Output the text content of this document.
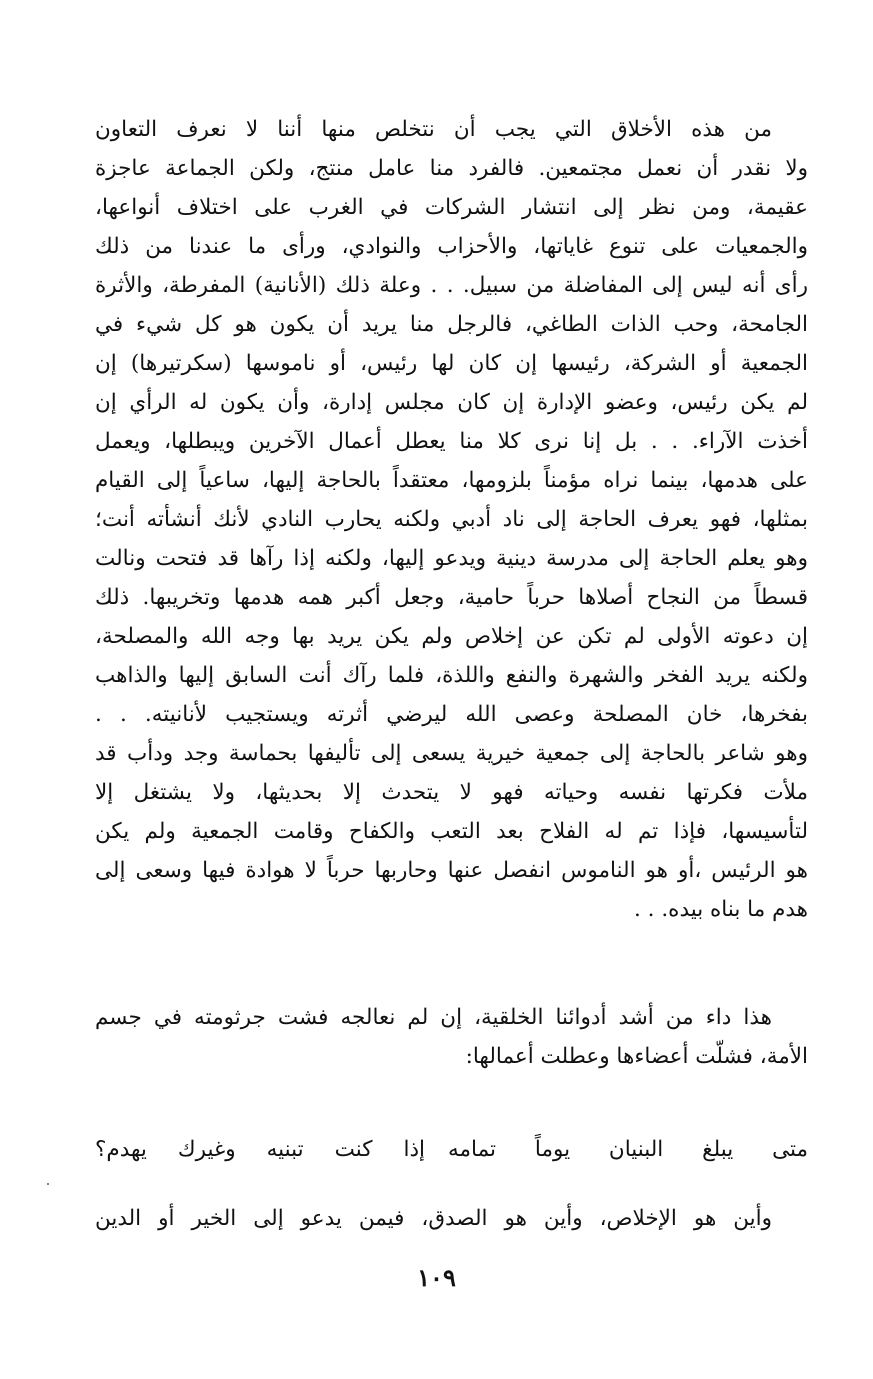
من هذه الأخلاق التي يجب أن نتخلص منها أننا لا نعرف التعاون
ولا نقدر أن نعمل مجتمعين. فالفرد منا عامل منتج، ولكن الجماعة عاجزة
عقيمة، ومن نظر إلى انتشار الشركات في الغرب على اختلاف أنواعها،
والجمعيات على تنوع غاياتها، والأحزاب والنوادي، ورأى ما عندنا من ذلك
رأى أنه ليس إلى المفاضلة من سبيل. . . وعلة ذلك (الأنانية) المفرطة، والأثرة
الجامحة، وحب الذات الطاغي، فالرجل منا يريد أن يكون هو كل شيء في
الجمعية أو الشركة، رئيسها إن كان لها رئيس، أو ناموسها (سكرتيرها) إن
لم يكن رئيس، وعضو الإدارة إن كان مجلس إدارة، وأن يكون له الرأي إن
أخذت الآراء. . . بل إنا نرى كلا منا يعطل أعمال الآخرين ويبطلها، ويعمل
على هدمها، بينما نراه مؤمناً بلزومها، معتقداً بالحاجة إليها، ساعياً إلى القيام
بمثلها، فهو يعرف الحاجة إلى ناد أدبي ولكنه يحارب النادي لأنك أنشأته أنت؛
وهو يعلم الحاجة إلى مدرسة دينية ويدعو إليها، ولكنه إذا رآها قد فتحت ونالت
قسطاً من النجاح أصلاها حرباً حامية، وجعل أكبر همه هدمها وتخريبها. ذلك
إن دعوته الأولى لم تكن عن إخلاص ولم يكن يريد بها وجه الله والمصلحة،
ولكنه يريد الفخر والشهرة والنفع واللذة، فلما رآك أنت السابق إليها والذاهب
بفخرها، خان المصلحة وعصى الله ليرضي أثرته ويستجيب لأنانيته. . .
وهو شاعر بالحاجة إلى جمعية خيرية يسعى إلى تأليفها بحماسة وجد ودأب قد
ملأت فكرتها نفسه وحياته فهو لا يتحدث إلا بحديثها، ولا يشتغل إلا
لتأسيسها، فإذا تم له الفلاح بعد التعب والكفاح وقامت الجمعية ولم يكن
هو الرئيس ،أو هو الناموس انفصل عنها وحاربها حرباً لا هوادة فيها وسعى إلى
هدم ما بناه بيده. . .
هذا داء من أشد أدوائنا الخلقية، إن لم نعالجه فشت جرثومته في جسم
الأمة، فشلّت أعضاءها وعطلت أعمالها:
متى يبلغ البنيان يوماً تمامه
إذا كنت تبنيه وغيرك يهدم؟
وأين هو الإخلاص، وأين هو الصدق، فيمن يدعو إلى الخير أو الدين
١٠٩
